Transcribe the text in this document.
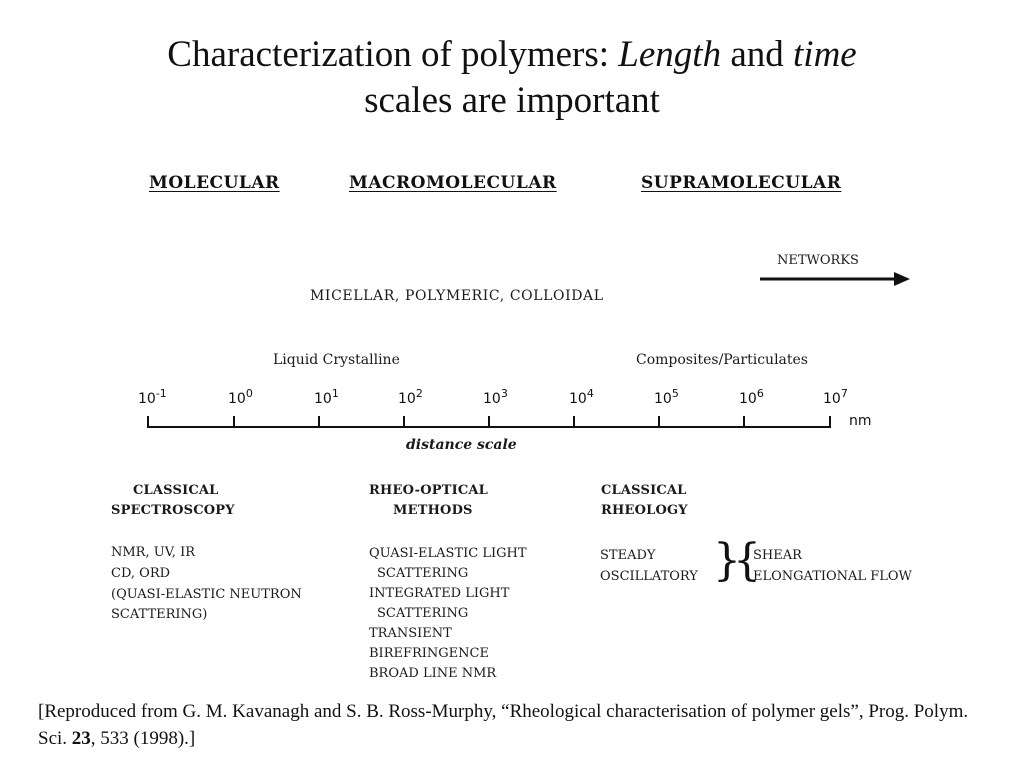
Characterization of polymers: Length and time
scales are important
MOLECULAR	MACROMOLECULAR	SUPRAMOLECULAR
NETWORKS
MICELLAR, POLYMERIC, COLLOIDAL
Liquid Crystalline	Composites/Particulates
$10^{-1}$	$10^0$	$10^1$	$10^2$	$10^3$	$10^4$	$10^5$	$10^6$	$10^7$
nm
distance scale
CLASSICAL
SPECTROSCOPY
NMR, UV, IR
CD, ORD
(QUASI-ELASTIC NEUTRON
SCATTERING)
RHEO-OPTICAL
METHODS
QUASI-ELASTIC LIGHT
SCATTERING
INTEGRATED LIGHT
SCATTERING
TRANSIENT
BIREFRINGENCE
BROAD LINE NMR
CLASSICAL
RHEOLOGY
STEADY
OSCILLATORY }
{
SHEAR
ELONGATIONAL FLOW
[Reproduced from G. M. Kavanagh and S. B. Ross-Murphy, “Rheological characterisation of polymer gels”, Prog. Polym. Sci. 23, 533 (1998).]
